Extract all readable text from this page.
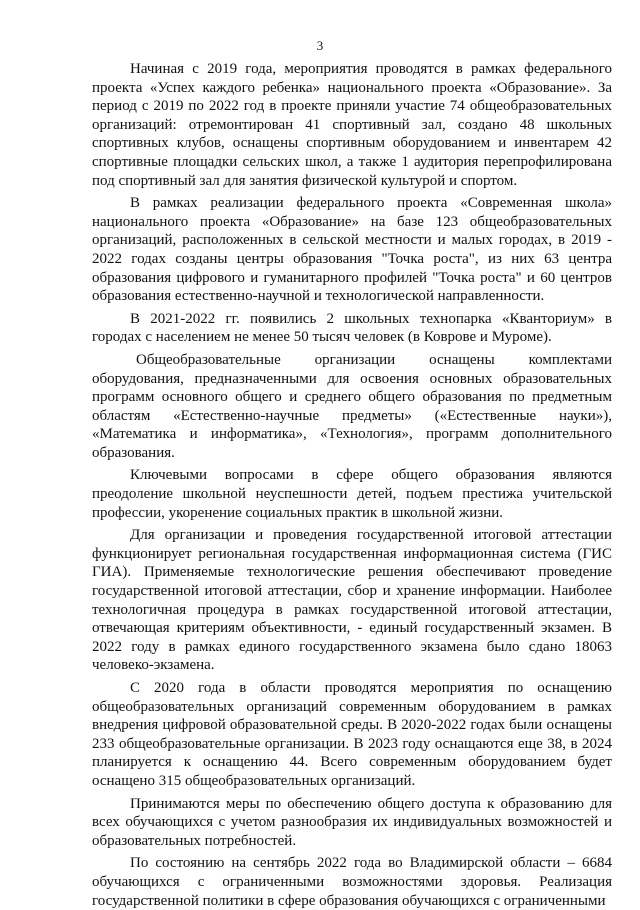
3

Начиная с 2019 года, мероприятия проводятся в рамках федерального проекта «Успех каждого ребенка» национального проекта «Образование». За период с 2019 по 2022 год в проекте приняли участие 74 общеобразовательных организаций: отремонтирован 41 спортивный зал, создано 48 школьных спортивных клубов, оснащены спортивным оборудованием и инвентарем 42 спортивные площадки сельских школ, а также 1 аудитория перепрофилирована под спортивный зал для занятия физической культурой и спортом.

В рамках реализации федерального проекта «Современная школа» национального проекта «Образование» на базе 123 общеобразовательных организаций, расположенных в сельской местности и малых городах, в 2019 - 2022 годах созданы центры образования "Точка роста", из них 63 центра образования цифрового и гуманитарного профилей "Точка роста" и 60 центров образования естественно-научной и технологической направленности.

В 2021-2022 гг. появились 2 школьных технопарка «Кванториум» в городах с населением не менее 50 тысяч человек (в Коврове и Муроме).

Общеобразовательные организации оснащены комплектами оборудования, предназначенными для освоения основных образовательных программ основного общего и среднего общего образования по предметным областям «Естественно-научные предметы» («Естественные науки»), «Математика и информатика», «Технология», программ дополнительного образования.

Ключевыми вопросами в сфере общего образования являются преодоление школьной неуспешности детей, подъем престижа учительской профессии, укоренение социальных практик в школьной жизни.

Для организации и проведения государственной итоговой аттестации функционирует региональная государственная информационная система (ГИС ГИА). Применяемые технологические решения обеспечивают проведение государственной итоговой аттестации, сбор и хранение информации. Наиболее технологичная процедура в рамках государственной итоговой аттестации, отвечающая критериям объективности, - единый государственный экзамен. В 2022 году в рамках единого государственного экзамена было сдано 18063 человеко-экзамена.

С 2020 года в области проводятся мероприятия по оснащению общеобразовательных организаций современным оборудованием в рамках внедрения цифровой образовательной среды. В 2020-2022 годах были оснащены 233 общеобразовательные организации. В 2023 году оснащаются еще 38, в 2024 планируется к оснащению 44. Всего современным оборудованием будет оснащено 315 общеобразовательных организаций.

Принимаются меры по обеспечению общего доступа к образованию для всех обучающихся с учетом разнообразия их индивидуальных возможностей и образовательных потребностей.

По состоянию на сентябрь 2022 года во Владимирской области – 6684 обучающихся с ограниченными возможностями здоровья. Реализация государственной политики в сфере образования обучающихся с ограниченными
